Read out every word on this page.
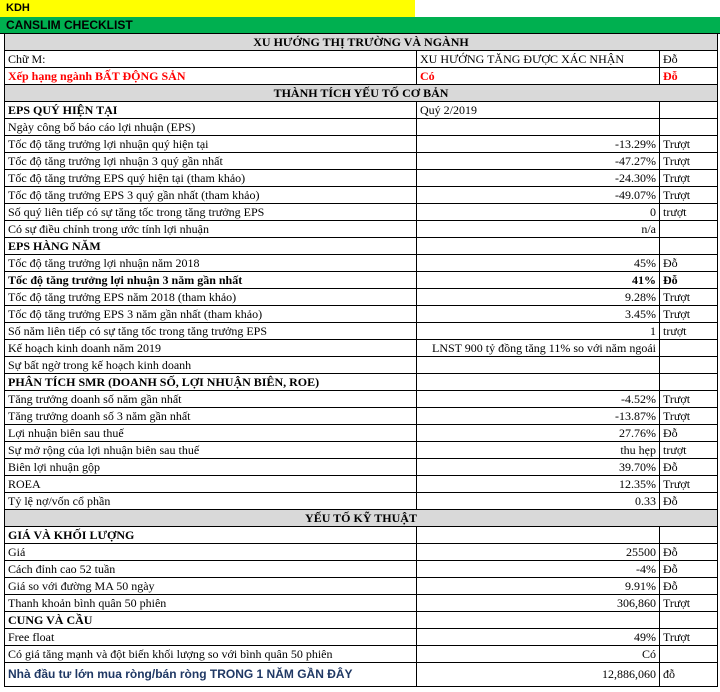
KDH
CANSLIM CHECKLIST
XU HƯỚNG THỊ TRƯỜNG VÀ NGÀNH
Chữ M:	XU HƯỚNG TĂNG ĐƯỢC XÁC NHẬN	Đỗ
Xếp hạng ngành BẤT ĐỘNG SẢN	Có	Đỗ
THÀNH TÍCH YẾU TỐ CƠ BẢN
EPS QUÝ HIỆN TẠI	Quý 2/2019
Ngày công bố báo cáo lợi nhuận (EPS)
Tốc độ tăng trưởng lợi nhuận quý hiện tại	-13.29% Trượt
Tốc độ tăng trưởng lợi nhuận 3 quý gần nhất	-47.27% Trượt
Tốc độ tăng trưởng EPS quý hiện tại (tham khảo)	-24.30% Trượt
Tốc độ tăng trưởng EPS 3 quý gần nhất (tham khảo)	-49.07% Trượt
Số quý liên tiếp có sự tăng tốc trong tăng trưởng EPS	0 trượt
Có sự điều chỉnh trong ước tính lợi nhuận	n/a
EPS HÀNG NĂM
Tốc độ tăng trưởng lợi nhuận năm 2018	45% Đỗ
Tốc độ tăng trưởng lợi nhuận 3 năm gần nhất	41% Đỗ
Tốc độ tăng trưởng EPS năm 2018 (tham khảo)	9.28% Trượt
Tốc độ tăng trưởng EPS 3 năm gần nhất (tham khảo)	3.45% Trượt
Số năm liên tiếp có sự tăng tốc trong tăng trưởng EPS	1 trượt
Kế hoạch kinh doanh năm 2019	LNST 900 tỷ đồng tăng 11% so với năm ngoái
Sự bất ngờ trong kế hoạch kinh doanh
PHÂN TÍCH SMR (DOANH SỐ, LỢI NHUẬN BIÊN, ROE)
Tăng trưởng doanh số năm gần nhất	-4.52% Trượt
Tăng trưởng doanh số 3 năm gần nhất	-13.87% Trượt
Lợi nhuận biên sau thuế	27.76% Đỗ
Sự mở rộng của lợi nhuận biên sau thuế	thu hẹp trượt
Biên lợi nhuận gộp	39.70% Đỗ
ROEA	12.35% Trượt
Tỷ lệ nợ/vốn cổ phần	0.33 Đỗ
YẾU TỐ KỸ THUẬT
GIÁ VÀ KHỐI LƯỢNG
Giá	25500 Đỗ
Cách đỉnh cao 52 tuần	-4% Đỗ
Giá so với đường MA 50 ngày	9.91% Đỗ
Thanh khoản bình quân 50 phiên	306,860 Trượt
CUNG VÀ CẦU
Free float	49% Trượt
Có giá tăng mạnh và đột biến khối lượng so với bình quân 50 phiên	Có
Nhà đầu tư lớn mua ròng/bán ròng TRONG 1 NĂM GẦN ĐÂY	12,886,060 đỗ
